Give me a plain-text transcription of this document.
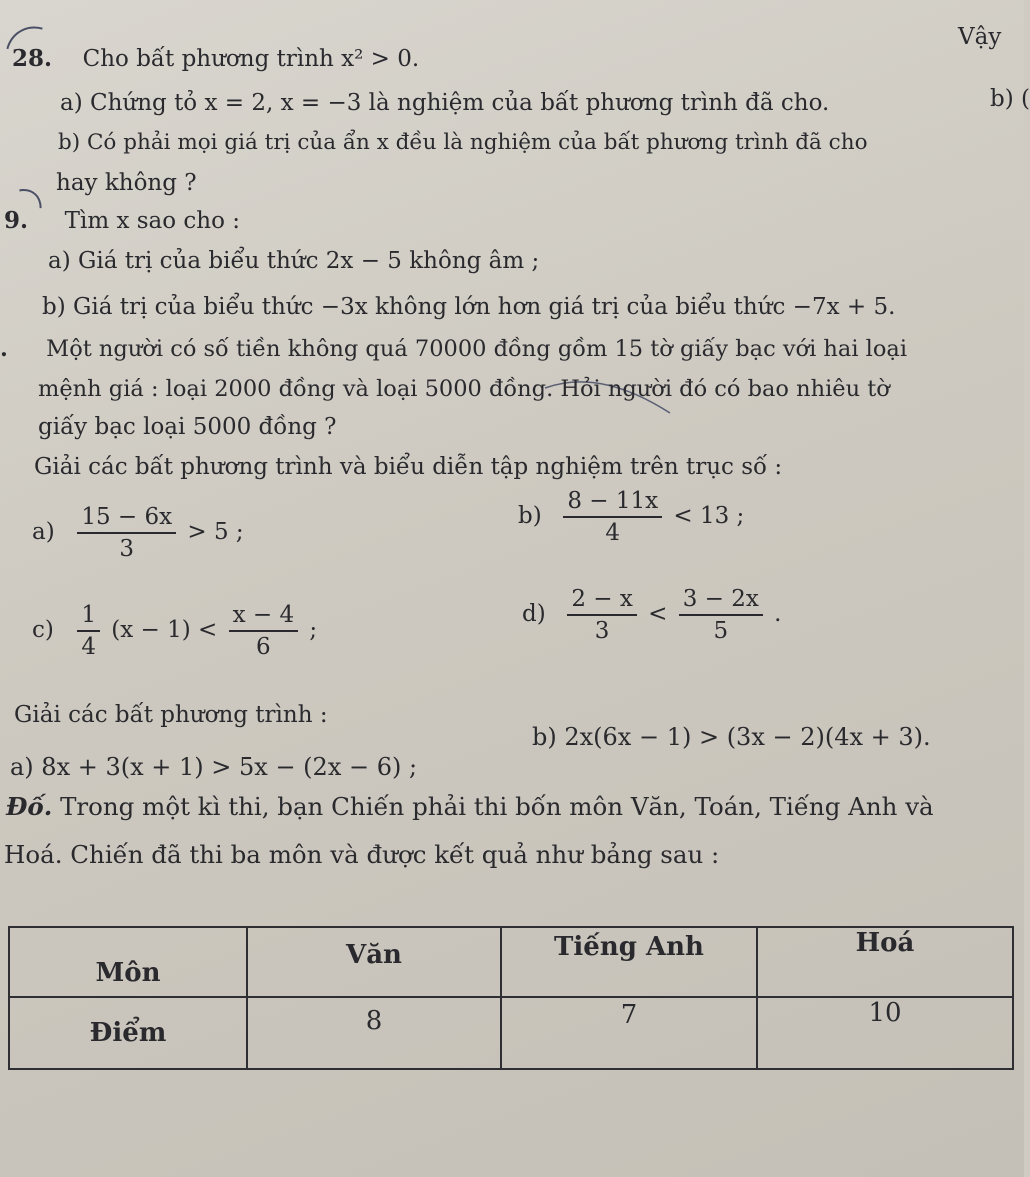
28. Cho bất phương trình x² > 0.
Vậy
a) Chứng tỏ x = 2, x = −3 là nghiệm của bất phương trình đã cho.	b) (
b) Có phải mọi giá trị của ẩn x đều là nghiệm của bất phương trình đã cho
hay không ?
9. Tìm x sao cho :
a) Giá trị của biểu thức 2x − 5 không âm ;
b) Giá trị của biểu thức −3x không lớn hơn giá trị của biểu thức −7x + 5.
. Một người có số tiền không quá 70000 đồng gồm 15 tờ giấy bạc với hai loại
mệnh giá : loại 2000 đồng và loại 5000 đồng. Hỏi người đó có bao nhiêu tờ
giấy bạc loại 5000 đồng ?
Giải các bất phương trình và biểu diễn tập nghiệm trên trục số :
$a) \frac{15 - 6x}{3} > 5$ ;
$b) \frac{8 - 11x}{4} < 13$ ;
$c) \frac{1}{4} (x - 1) < \frac{x - 4}{6}$ ;
$d) \frac{2 - x}{3} < \frac{3 - 2x}{5}$ .
Giải các bất phương trình :
a) 8x + 3(x + 1) > 5x − (2x − 6) ;
b) 2x(6x − 1) > (3x − 2)(4x + 3).
Đố. Trong một kì thi, bạn Chiến phải thi bốn môn Văn, Toán, Tiếng Anh và
Hoá. Chiến đã thi ba môn và được kết quả như bảng sau :
Môn	Văn	Tiếng Anh	Hoá
Điểm	8	7	10
